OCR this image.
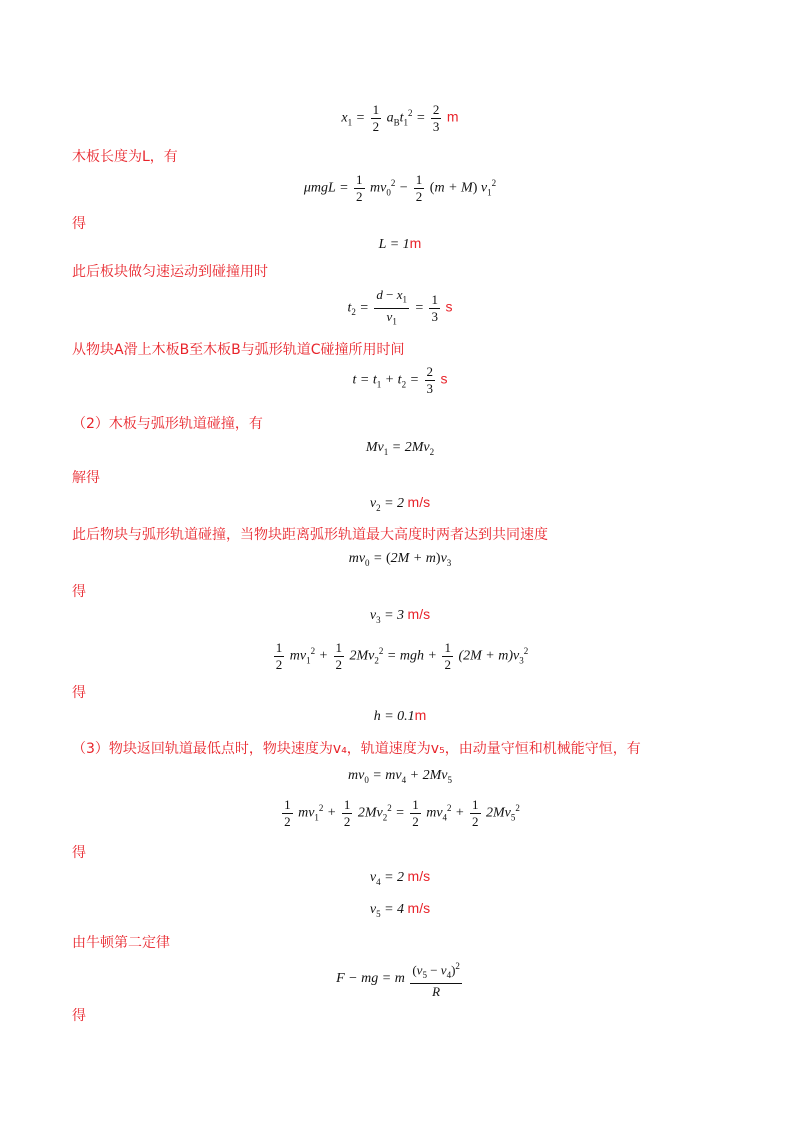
$x_1 = \frac{1}{2} a_Bt_1^2 = \frac{2}{3}$ m
木板长度为L，有
$\mu mgL = \frac{1}{2} mv_0^2 - \frac{1}{2} (m + M)$ $v_1^2$
得
L = 1m
此后板块做匀速运动到碰撞用时
$t_2 = \frac{d - x_1}{v_1} = \frac{1}{3}$ s
从物块A滑上木板B至木板B与弧形轨道C碰撞所用时间
$t = t_1 + t_2 = \frac{2}{3}$ s
（2）木板与弧形轨道碰撞，有
$Mv_1 = 2Mv_2$
解得
$v_2 = 2$ m/s
此后物块与弧形轨道碰撞，当物块距离弧形轨道最大高度时两者达到共同速度
$mv_0 = (2M + m)v_3$
得
$v_3 = 3$ m/s
$\frac{1}{2} mv_1^2 + \frac{1}{2} 2Mv_2^2$ = mgh + $\frac{1}{2} (2M + m)v_3^2$
得
h = 0.1m
（3）物块返回轨道最低点时，物块速度为v₄，轨道速度为v₅，由动量守恒和机械能守恒，有
$mv_0 = mv_4 + 2Mv_5$
$\frac{1}{2} mv_1^2 + \frac{1}{2} 2Mv_2^2 = \frac{1}{2} mv_4^2 + \frac{1}{2} 2Mv_5^2$
得
$v_4 = 2$ m/s
$v_5 = 4$ m/s
由牛顿第二定律
F − mg = m $\frac{(v_5 - v_4)^2}{R}$
得
